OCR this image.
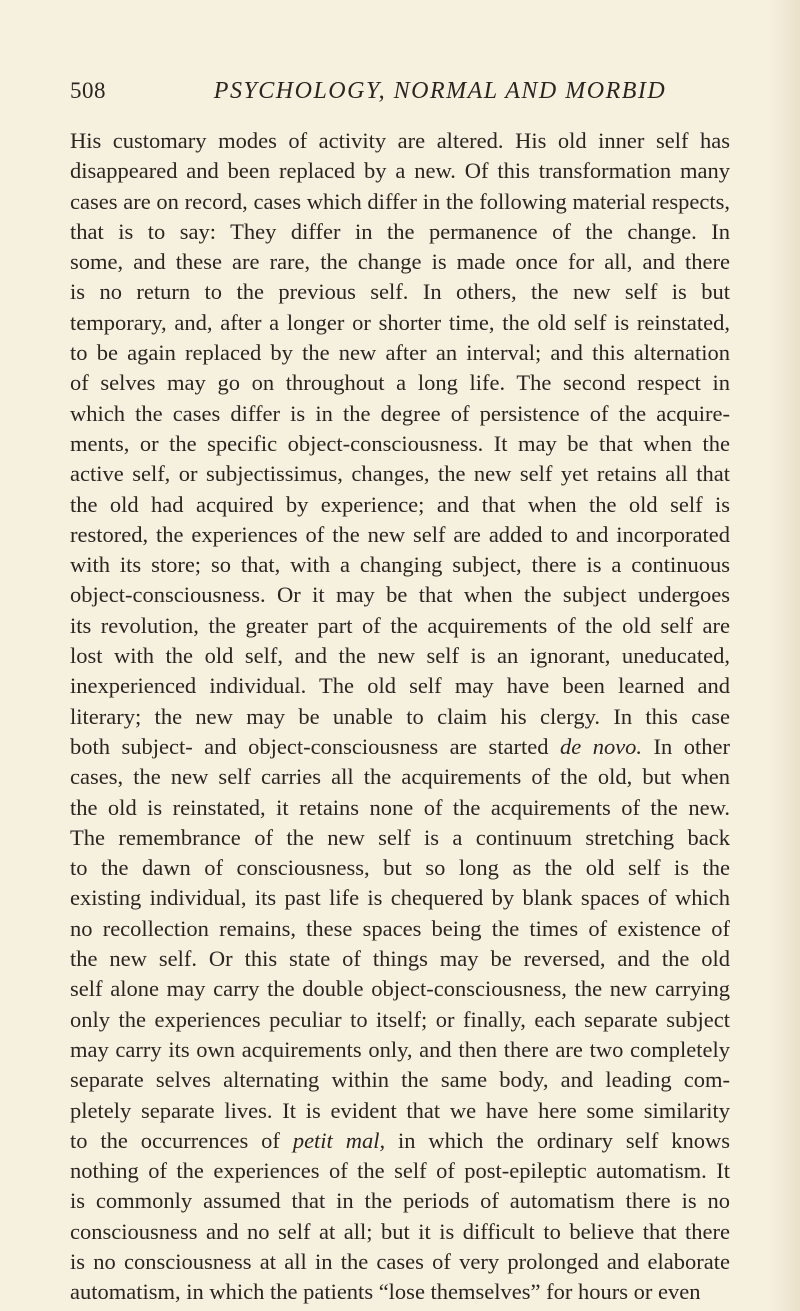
508	PSYCHOLOGY, NORMAL AND MORBID
His customary modes of activity are altered. His old inner self has
disappeared and been replaced by a new. Of this transformation many
cases are on record, cases which differ in the following material respects,
that is to say: They differ in the permanence of the change. In
some, and these are rare, the change is made once for all, and there
is no return to the previous self. In others, the new self is but
temporary, and, after a longer or shorter time, the old self is reinstated,
to be again replaced by the new after an interval; and this alternation
of selves may go on throughout a long life. The second respect in
which the cases differ is in the degree of persistence of the acquire-
ments, or the specific object-consciousness. It may be that when the
active self, or subjectissimus, changes, the new self yet retains all that
the old had acquired by experience; and that when the old self is
restored, the experiences of the new self are added to and incorporated
with its store; so that, with a changing subject, there is a continuous
object-consciousness. Or it may be that when the subject undergoes
its revolution, the greater part of the acquirements of the old self are
lost with the old self, and the new self is an ignorant, uneducated,
inexperienced individual. The old self may have been learned and
literary; the new may be unable to claim his clergy. In this case
both subject- and object-consciousness are started de novo. In other
cases, the new self carries all the acquirements of the old, but when
the old is reinstated, it retains none of the acquirements of the new.
The remembrance of the new self is a continuum stretching back
to the dawn of consciousness, but so long as the old self is the
existing individual, its past life is chequered by blank spaces of which
no recollection remains, these spaces being the times of existence of
the new self. Or this state of things may be reversed, and the old
self alone may carry the double object-consciousness, the new carrying
only the experiences peculiar to itself; or finally, each separate subject
may carry its own acquirements only, and then there are two completely
separate selves alternating within the same body, and leading com-
pletely separate lives. It is evident that we have here some similarity
to the occurrences of petit mal, in which the ordinary self knows
nothing of the experiences of the self of post-epileptic automatism. It
is commonly assumed that in the periods of automatism there is no
consciousness and no self at all; but it is difficult to believe that there
is no consciousness at all in the cases of very prolonged and elaborate
automatism, in which the patients “lose themselves” for hours or even
